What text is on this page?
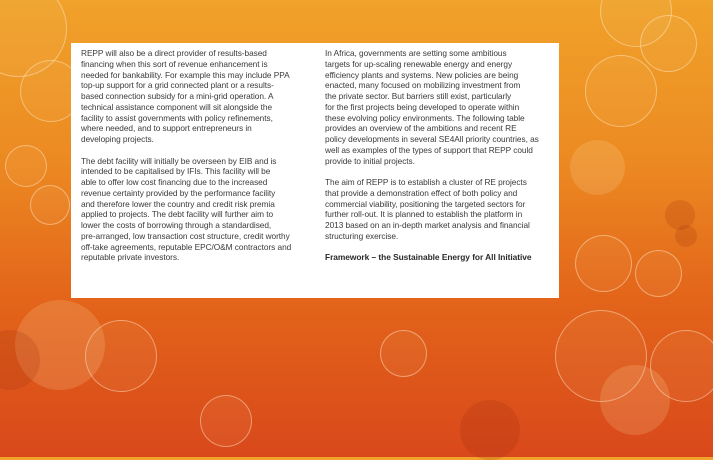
REPP will also be a direct provider of results-based
financing when this sort of revenue enhancement is
needed for bankability. For example this may include PPA
top-up support for a grid connected plant or a results-
based connection subsidy for a mini-grid operation. A
technical assistance component will sit alongside the
facility to assist governments with policy refinements,
where needed, and to support entrepreneurs in
developing projects.

The debt facility will initially be overseen by EIB and is
intended to be capitalised by IFIs. This facility will be
able to offer low cost financing due to the increased
revenue certainty provided by the performance facility
and therefore lower the country and credit risk premia
applied to projects. The debt facility will further aim to
lower the costs of borrowing through a standardised,
pre-arranged, low transaction cost structure, credit worthy
off-take agreements, reputable EPC/O&M contractors and
reputable private investors.

In Africa, governments are setting some ambitious
targets for up-scaling renewable energy and energy
efficiency plants and systems. New policies are being
enacted, many focused on mobilizing investment from
the private sector. But barriers still exist, particularly
for the first projects being developed to operate within
these evolving policy environments. The following table
provides an overview of the ambitions and recent RE
policy developments in several SE4All priority countries, as
well as examples of the types of support that REPP could
provide to initial projects.

The aim of REPP is to establish a cluster of RE projects
that provide a demonstration effect of both policy and
commercial viability, positioning the targeted sectors for
further roll-out. It is planned to establish the platform in
2013 based on an in-depth market analysis and financial
structuring exercise.

Framework – the Sustainable Energy for All Initiative
